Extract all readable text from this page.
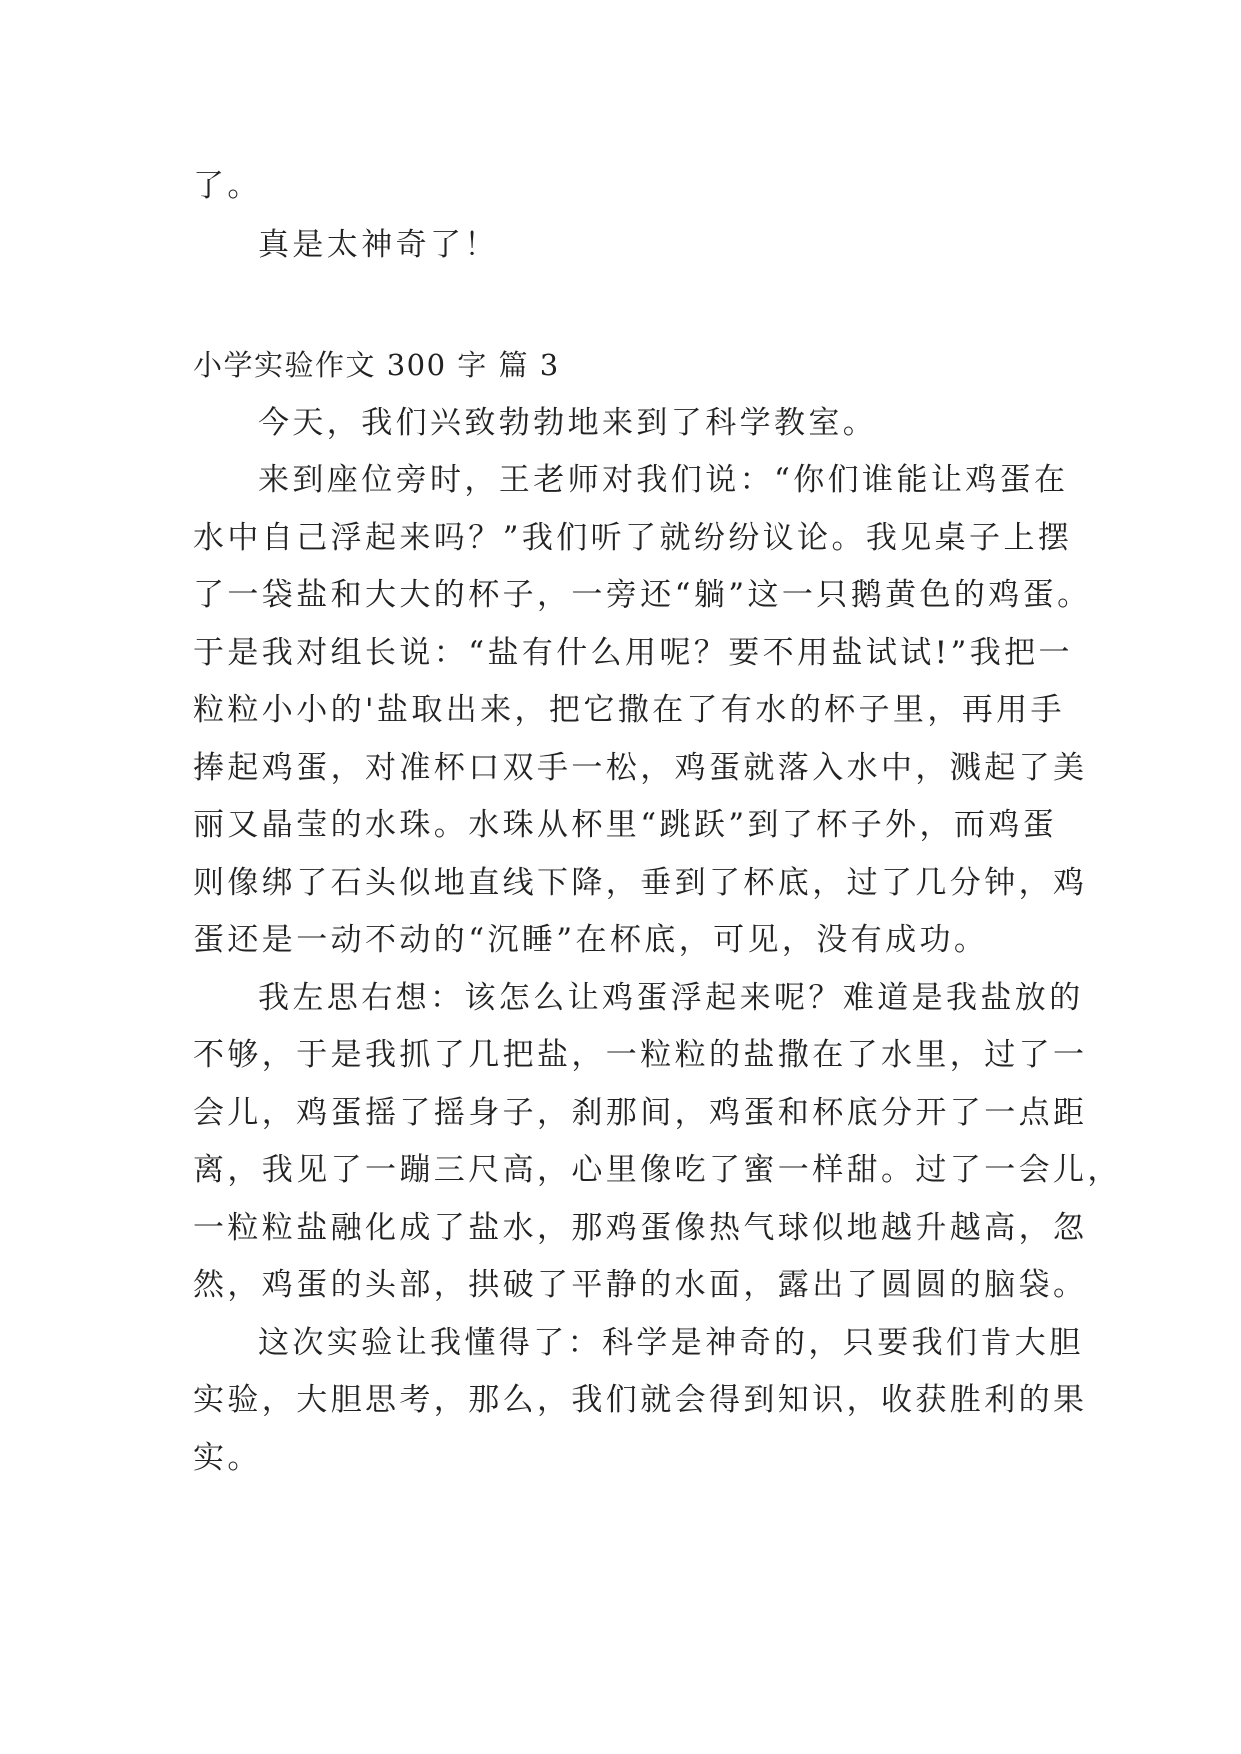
了。
真是太神奇了！
小学实验作文 300 字 篇 3
今天，我们兴致勃勃地来到了科学教室。
来到座位旁时，王老师对我们说：“你们谁能让鸡蛋在
水中自己浮起来吗？”我们听了就纷纷议论。我见桌子上摆
了一袋盐和大大的杯子，一旁还“躺”这一只鹅黄色的鸡蛋。
于是我对组长说：“盐有什么用呢？要不用盐试试!”我把一
粒粒小小的'盐取出来，把它撒在了有水的杯子里，再用手
捧起鸡蛋，对准杯口双手一松，鸡蛋就落入水中，溅起了美
丽又晶莹的水珠。水珠从杯里“跳跃”到了杯子外，而鸡蛋
则像绑了石头似地直线下降，垂到了杯底，过了几分钟，鸡
蛋还是一动不动的“沉睡”在杯底，可见，没有成功。
我左思右想：该怎么让鸡蛋浮起来呢？难道是我盐放的
不够，于是我抓了几把盐，一粒粒的盐撒在了水里，过了一
会儿，鸡蛋摇了摇身子，刹那间，鸡蛋和杯底分开了一点距
离，我见了一蹦三尺高，心里像吃了蜜一样甜。过了一会儿，
一粒粒盐融化成了盐水，那鸡蛋像热气球似地越升越高，忽
然，鸡蛋的头部，拱破了平静的水面，露出了圆圆的脑袋。
这次实验让我懂得了：科学是神奇的，只要我们肯大胆
实验，大胆思考，那么，我们就会得到知识，收获胜利的果
实。
